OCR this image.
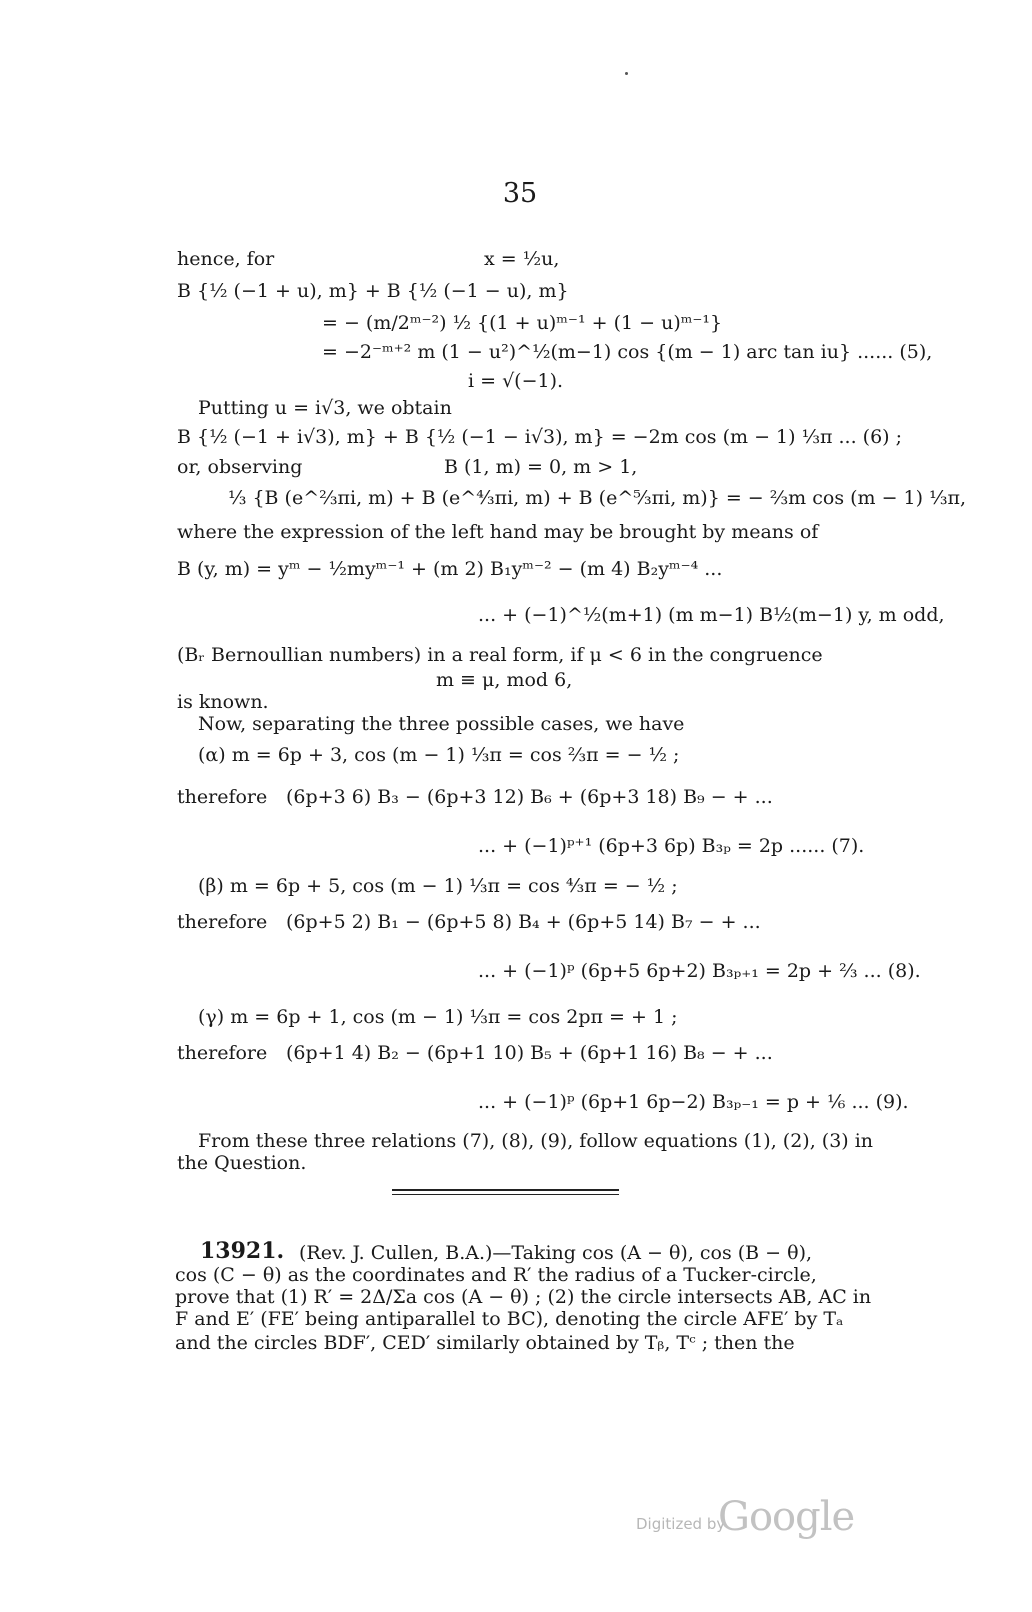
35
hence, for	x = ½u,
B {½ (−1 + u), m} + B {½ (−1 − u), m}
= − (m/2ᵐ⁻²) ½ {(1 + u)ᵐ⁻¹ + (1 − u)ᵐ⁻¹}
= −2⁻ᵐ⁺² m (1 − u²)^½(m−1) cos {(m − 1) arc tan iu} ...... (5),
i = √(−1).
Putting u = i√3, we obtain
B {½ (−1 + i√3), m} + B {½ (−1 − i√3), m} = −2m cos (m − 1) ⅓π ... (6) ;
or, observing	B (1, m) = 0, m > 1,
⅓ {B (e^⅔πi, m) + B (e^⁴⁄₃πi, m) + B (e^⁵⁄₃πi, m)} = − ⅔m cos (m − 1) ⅓π,
where the expression of the left hand may be brought by means of
B (y, m) = yᵐ − ½myᵐ⁻¹ + (m 2) B₁yᵐ⁻² − (m 4) B₂yᵐ⁻⁴ ...
... + (−1)^½(m+1) (m m−1) B½(m−1) y, m odd,
(Bᵣ Bernoullian numbers) in a real form, if μ < 6 in the congruence
m ≡ μ, mod 6,
is known.
Now, separating the three possible cases, we have
(α) m = 6p + 3, cos (m − 1) ⅓π = cos ⅔π = − ½ ;
therefore (6p+3 6) B₃ − (6p+3 12) B₆ + (6p+3 18) B₉ − + ...
... + (−1)ᵖ⁺¹ (6p+3 6p) B₃ₚ = 2p ...... (7).
(β) m = 6p + 5, cos (m − 1) ⅓π = cos ⁴⁄₃π = − ½ ;
therefore (6p+5 2) B₁ − (6p+5 8) B₄ + (6p+5 14) B₇ − + ...
... + (−1)ᵖ (6p+5 6p+2) B₃ₚ₊₁ = 2p + ⅔ ... (8).
(γ) m = 6p + 1, cos (m − 1) ⅓π = cos 2pπ = + 1 ;
therefore (6p+1 4) B₂ − (6p+1 10) B₅ + (6p+1 16) B₈ − + ...
... + (−1)ᵖ (6p+1 6p−2) B₃ₚ₋₁ = p + ⅙ ... (9).
From these three relations (7), (8), (9), follow equations (1), (2), (3) in
the Question.
13921. (Rev. J. Cullen, B.A.)—Taking cos (A − θ), cos (B − θ),
cos (C − θ) as the coordinates and R′ the radius of a Tucker-circle,
prove that (1) R′ = 2Δ/Σa cos (A − θ) ; (2) the circle intersects AB, AC in
F and E′ (FE′ being antiparallel to BC), denoting the circle AFE′ by Tₐ
and the circles BDF′, CED′ similarly obtained by Tᵦ, Tᶜ ; then the
Digitized by
Google
